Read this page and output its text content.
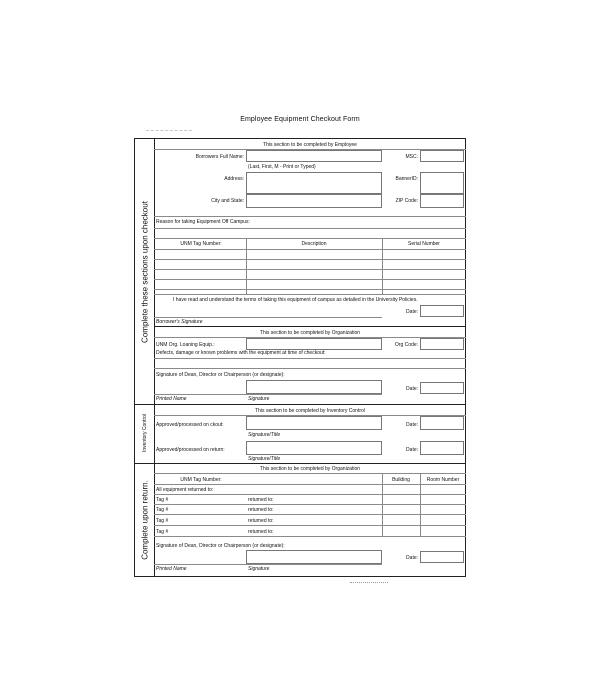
Employee Equipment Checkout Form
Complete these sections upon checkout
Inventory Control
Complete upon return.
This section to be completed by Employee
Borrowers Full Name:
(Last, First, M - Print or Typed)
MSC:
Address:	BannerID:
City and State:	ZIP Code:
Reason for taking Equipment Off Campus:
UNM Tag Number:	Description	Serial Number
I have read and understand the terms of taking this equipment of campus as detailed in the University Policies.
Date:
Borrower's Signature
This section to be completed by Organization
UNM Org. Loaning Equip.:	Org Code:
Defects, damage or known problems with the equipment at time of checkout:
Signature of Dean, Director or Chairperson (or designate):
Date:
Printed Name	Signature
This section to be completed by Inventory Control
Approved/processed on ckout:	Date:
Signature/Title
Approved/processed on return:	Date:
Signature/Title
This section to be completed by Organization
UNM Tag Number:	Building	Room Number
All equipment returned to:
Tag #	returned to:
Tag #	returned to:
Tag #	returned to:
Tag #	returned to:
Signature of Dean, Director or Chairperson (or designate):
Date:
Printed Name	Signature
